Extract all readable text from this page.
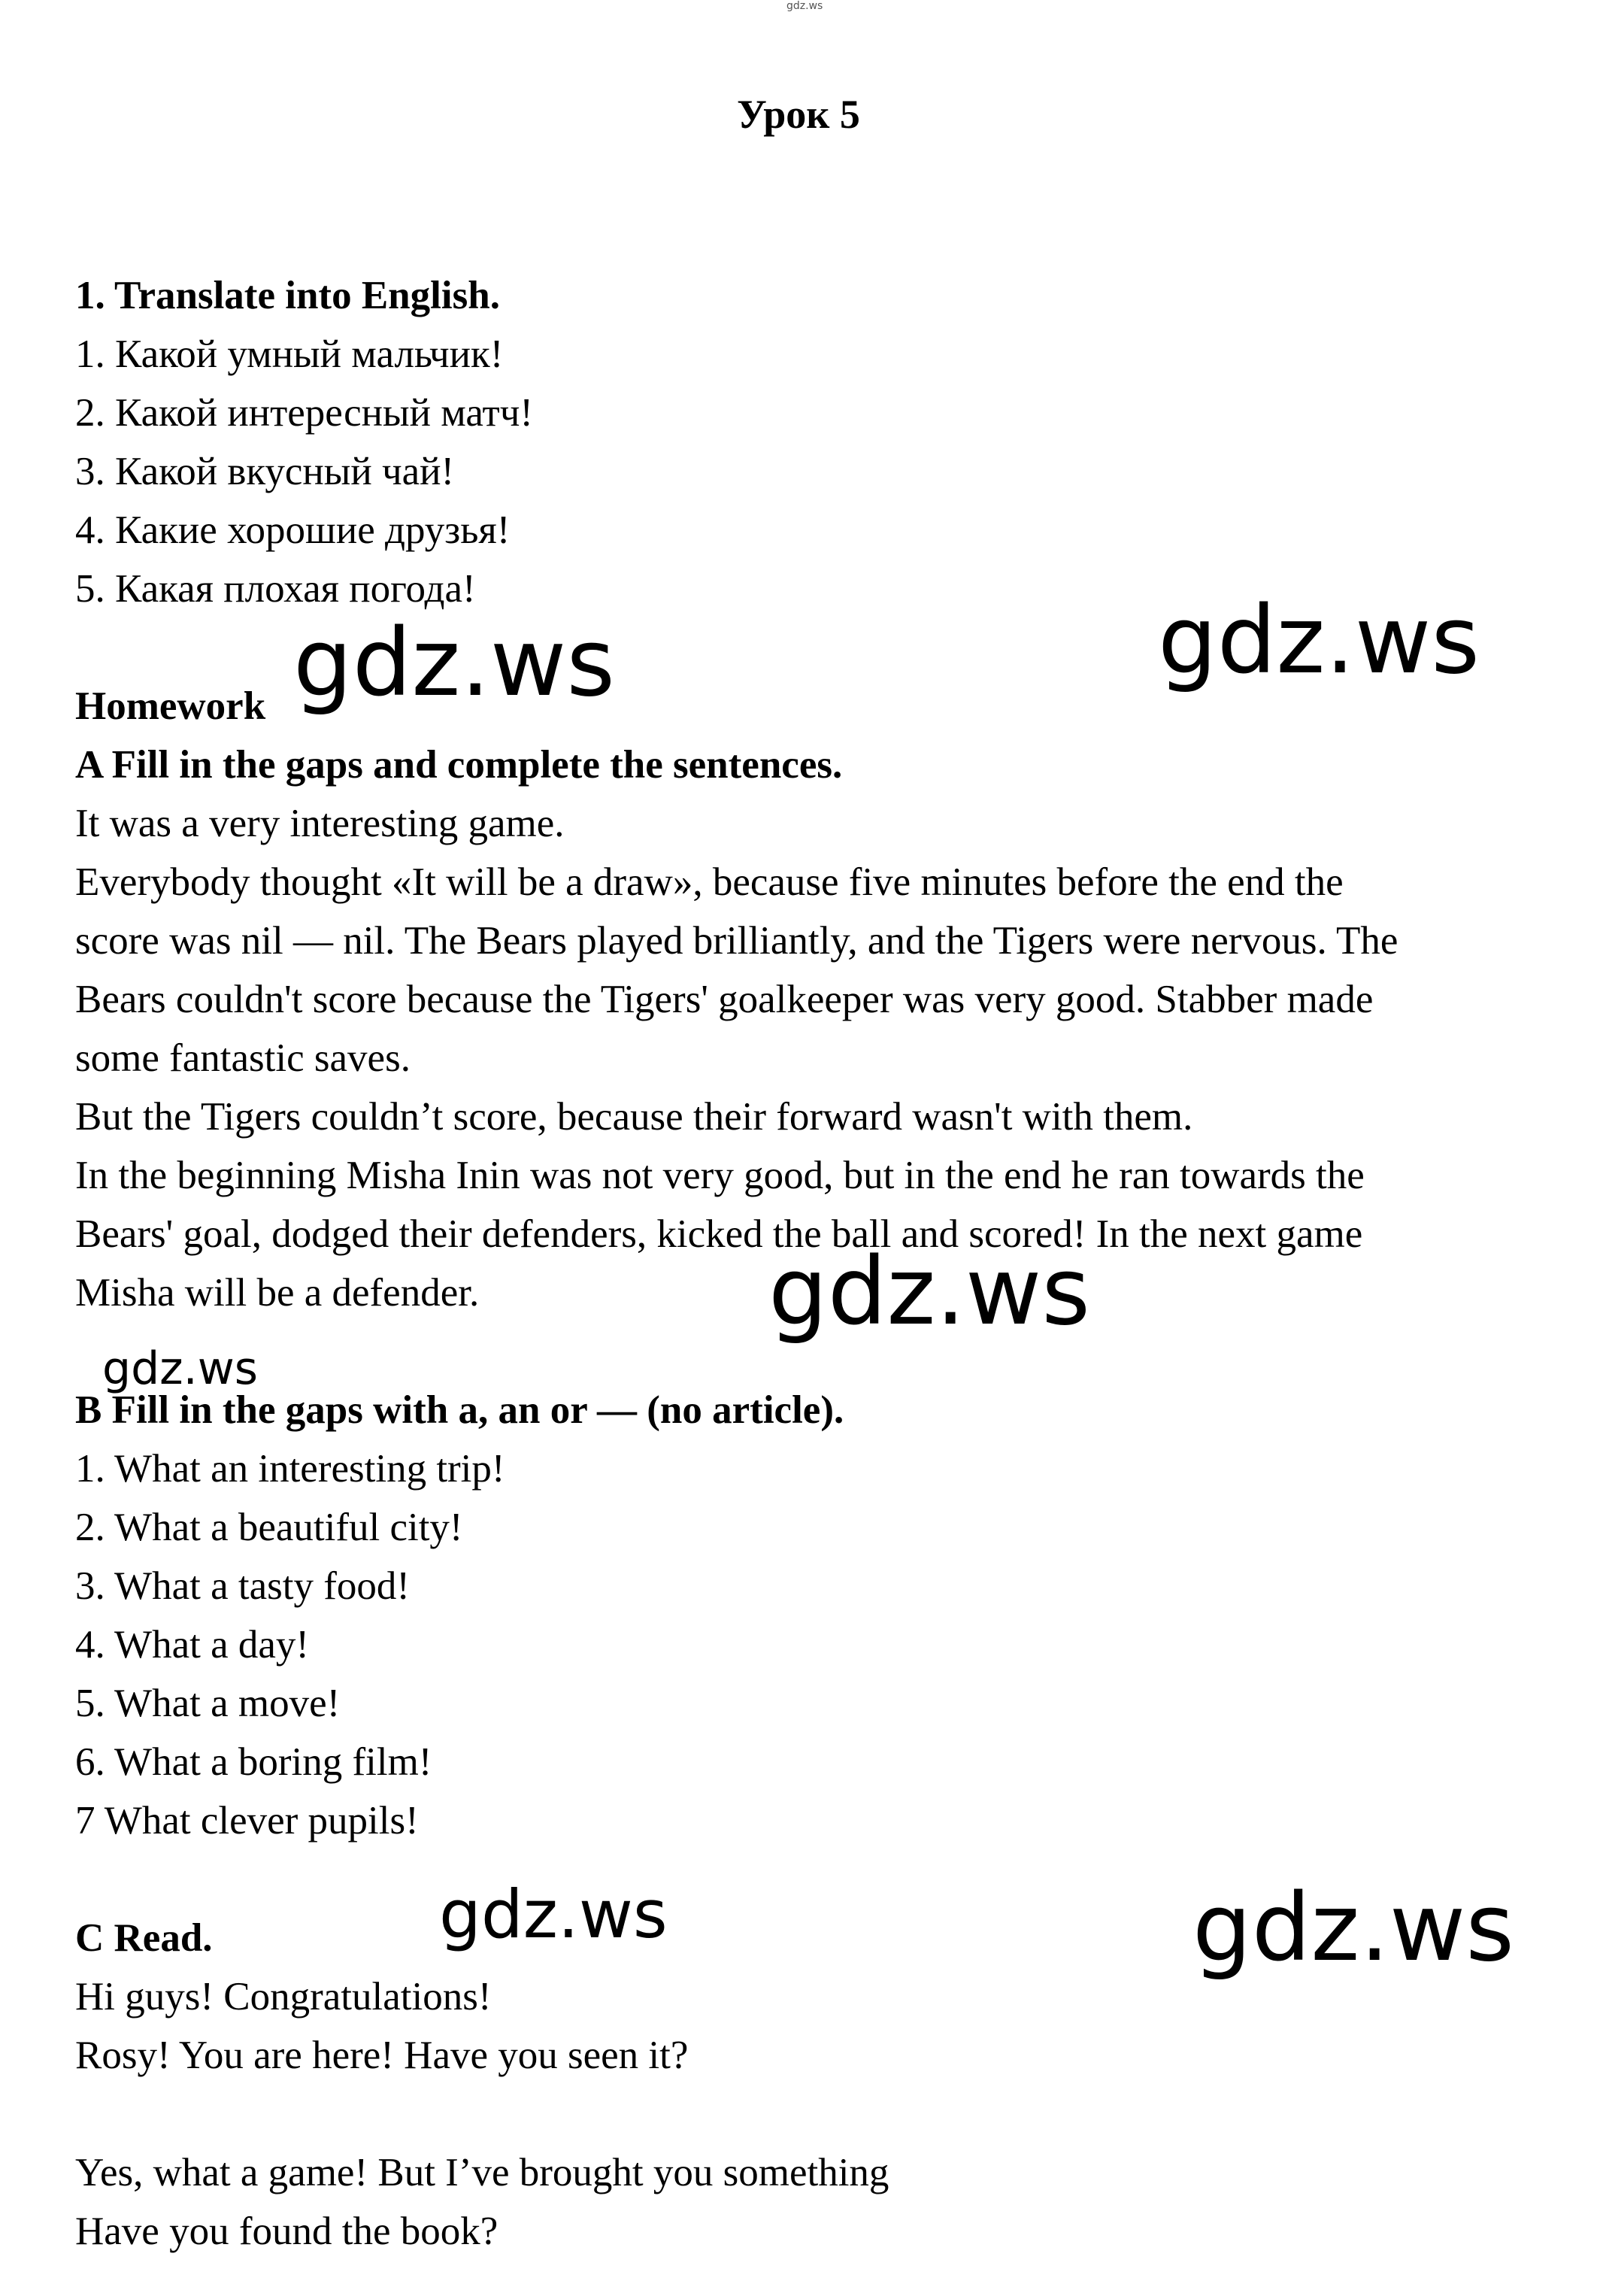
gdz.ws
Урок 5
1. Translate into English.
1. Какой умный мальчик!
2. Какой интересный матч!
3. Какой вкусный чай!
4. Какие хорошие друзья!
5. Какая плохая погода!
Homework
A Fill in the gaps and complete the sentences.
It was a very interesting game.
Everybody thought «It will be a draw», because five minutes before the end the
score was nil — nil. The Bears played brilliantly, and the Tigers were nervous. The
Bears couldn't score because the Tigers' goalkeeper was very good. Stabber made
some fantastic saves.
But the Tigers couldn’t score, because their forward wasn't with them.
In the beginning Misha Inin was not very good, but in the end he ran towards the
Bears' goal, dodged their defenders, kicked the ball and scored! In the next game
Misha will be a defender.
B Fill in the gaps with a, an or — (no article).
1. What an interesting trip!
2. What a beautiful city!
3. What a tasty food!
4. What a day!
5. What a move!
6. What a boring film!
7 What clever pupils!
C Read.
Hi guys! Congratulations!
Rosy! You are here! Have you seen it?
Yes, what a game! But I’ve brought you something
Have you found the book?
gdz.ws	gdz.ws
gdz.ws
gdz.ws
gdz.ws	gdz.ws
